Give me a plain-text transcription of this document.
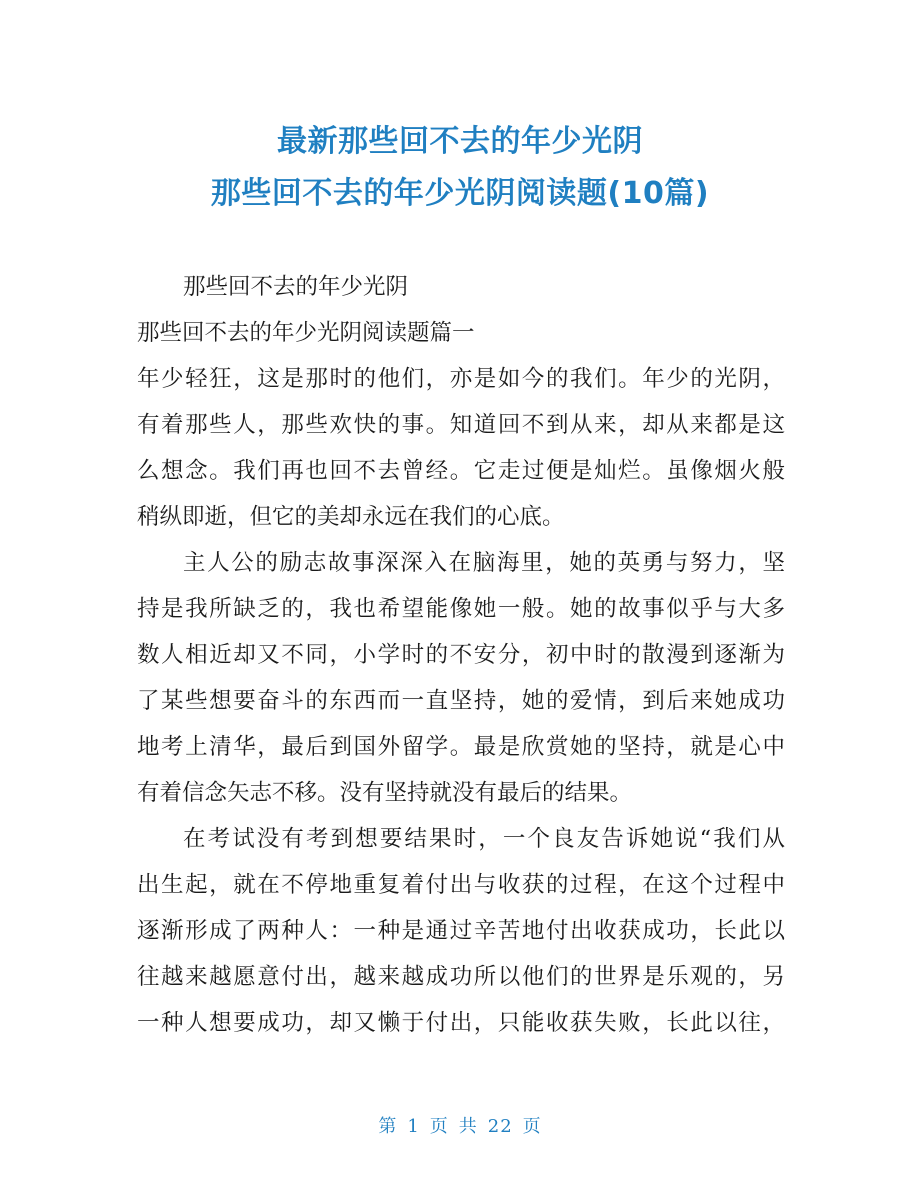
最新那些回不去的年少光阴
那些回不去的年少光阴阅读题(10篇)
那些回不去的年少光阴
那些回不去的年少光阴阅读题篇一
年少轻狂，这是那时的他们，亦是如今的我们。年少的光阴，
有着那些人，那些欢快的事。知道回不到从来，却从来都是这
么想念。我们再也回不去曾经。它走过便是灿烂。虽像烟火般
稍纵即逝，但它的美却永远在我们的心底。
主人公的励志故事深深入在脑海里，她的英勇与努力，坚
持是我所缺乏的，我也希望能像她一般。她的故事似乎与大多
数人相近却又不同，小学时的不安分，初中时的散漫到逐渐为
了某些想要奋斗的东西而一直坚持，她的爱情，到后来她成功
地考上清华，最后到国外留学。最是欣赏她的坚持，就是心中
有着信念矢志不移。没有坚持就没有最后的结果。
在考试没有考到想要结果时，一个良友告诉她说“我们从
出生起，就在不停地重复着付出与收获的过程，在这个过程中
逐渐形成了两种人：一种是通过辛苦地付出收获成功，长此以
往越来越愿意付出，越来越成功所以他们的世界是乐观的，另
一种人想要成功，却又懒于付出，只能收获失败，长此以往，
第 1 页 共 22 页
